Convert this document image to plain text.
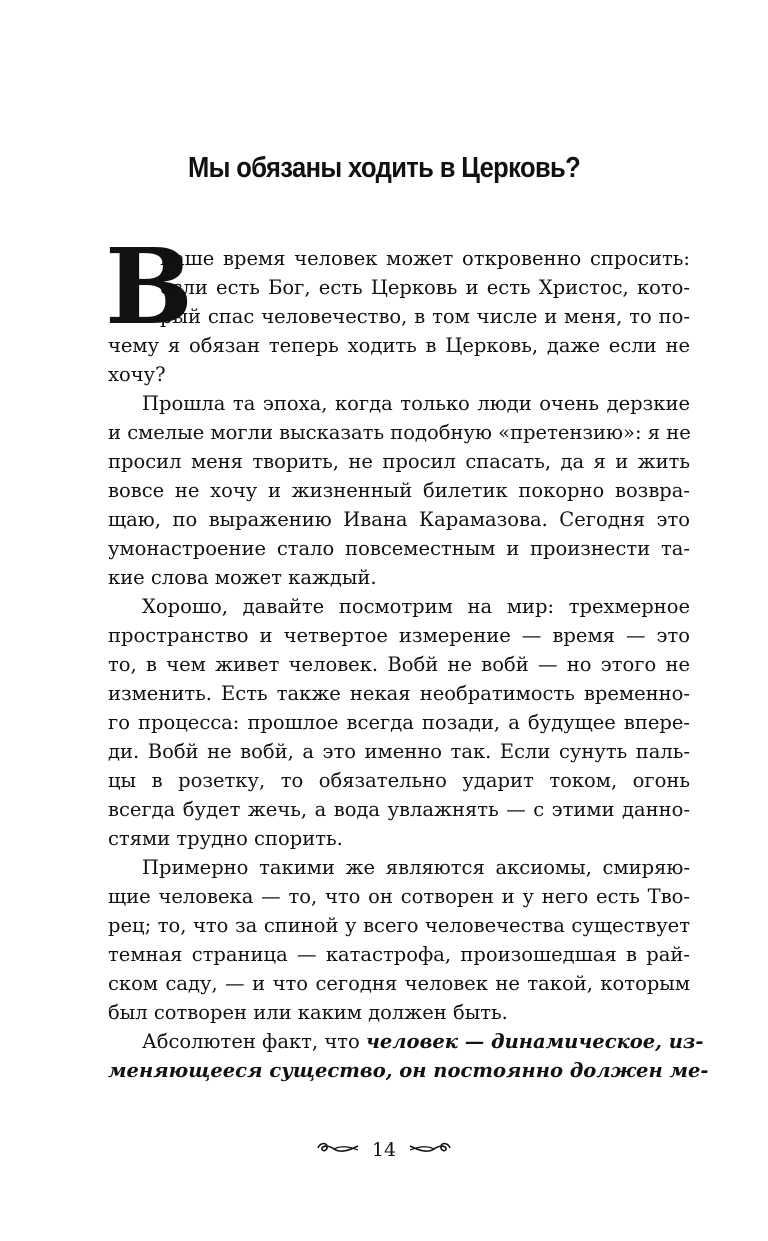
Мы обязаны ходить в Церковь?
В
наше время человек может откровенно спросить:
если есть Бог, есть Церковь и есть Христос, кото-
рый спас человечество, в том числе и меня, то по-
чему я обязан теперь ходить в Церковь, даже если не
хочу?
Прошла та эпоха, когда только люди очень дерзкие
и смелые могли высказать подобную «претензию»: я не
просил меня творить, не просил спасать, да я и жить
вовсе не хочу и жизненный билетик покорно возвра-
щаю, по выражению Ивана Карамазова. Сегодня это
умонастроение стало повсеместным и произнести та-
кие слова может каждый.
Хорошо, давайте посмотрим на мир: трехмерное
пространство и четвертое измерение — время — это
то, в чем живет человек. Вобй не вобй — но этого не
изменить. Есть также некая необратимость временно-
го процесса: прошлое всегда позади, а будущее впере-
ди. Вобй не вобй, а это именно так. Если сунуть паль-
цы в розетку, то обязательно ударит током, огонь
всегда будет жечь, а вода увлажнять — с этими данно-
стями трудно спорить.
Примерно такими же являются аксиомы, смиряю-
щие человека — то, что он сотворен и у него есть Тво-
рец; то, что за спиной у всего человечества существует
темная страница — катастрофа, произошедшая в рай-
ском саду, — и что сегодня человек не такой, которым
был сотворен или каким должен быть.
Абсолютен факт, что человек — динамическое, из-
меняющееся существо, он постоянно должен ме-
14
